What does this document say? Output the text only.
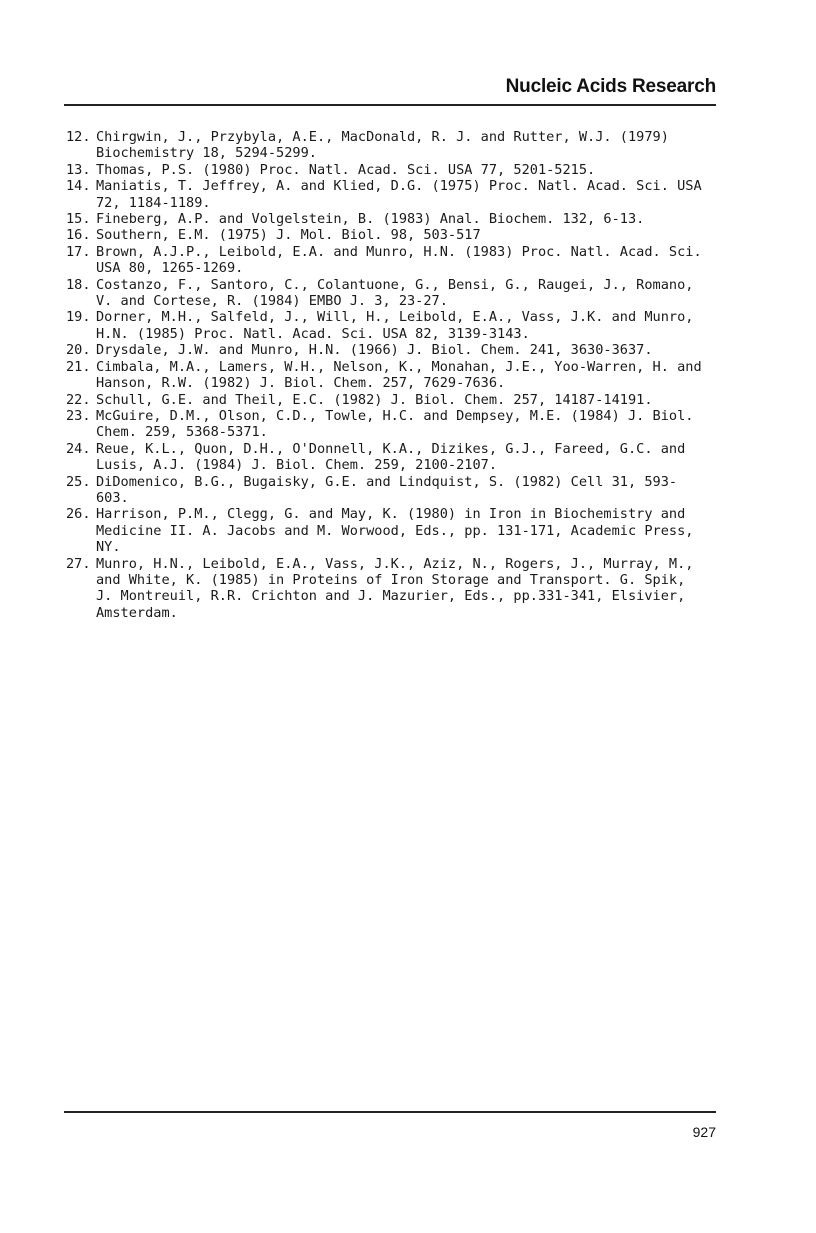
Nucleic Acids Research
12. Chirgwin, J., Przybyla, A.E., MacDonald, R. J. and Rutter, W.J. (1979)
Biochemistry 18, 5294-5299.
13. Thomas, P.S. (1980) Proc. Natl. Acad. Sci. USA 77, 5201-5215.
14. Maniatis, T. Jeffrey, A. and Klied, D.G. (1975) Proc. Natl. Acad. Sci. USA
72, 1184-1189.
15. Fineberg, A.P. and Volgelstein, B. (1983) Anal. Biochem. 132, 6-13.
16. Southern, E.M. (1975) J. Mol. Biol. 98, 503-517
17. Brown, A.J.P., Leibold, E.A. and Munro, H.N. (1983) Proc. Natl. Acad. Sci.
USA 80, 1265-1269.
18. Costanzo, F., Santoro, C., Colantuone, G., Bensi, G., Raugei, J., Romano,
V. and Cortese, R. (1984) EMBO J. 3, 23-27.
19. Dorner, M.H., Salfeld, J., Will, H., Leibold, E.A., Vass, J.K. and Munro,
H.N. (1985) Proc. Natl. Acad. Sci. USA 82, 3139-3143.
20. Drysdale, J.W. and Munro, H.N. (1966) J. Biol. Chem. 241, 3630-3637.
21. Cimbala, M.A., Lamers, W.H., Nelson, K., Monahan, J.E., Yoo-Warren, H. and
Hanson, R.W. (1982) J. Biol. Chem. 257, 7629-7636.
22. Schull, G.E. and Theil, E.C. (1982) J. Biol. Chem. 257, 14187-14191.
23. McGuire, D.M., Olson, C.D., Towle, H.C. and Dempsey, M.E. (1984) J. Biol.
Chem. 259, 5368-5371.
24. Reue, K.L., Quon, D.H., O'Donnell, K.A., Dizikes, G.J., Fareed, G.C. and
Lusis, A.J. (1984) J. Biol. Chem. 259, 2100-2107.
25. DiDomenico, B.G., Bugaisky, G.E. and Lindquist, S. (1982) Cell 31, 593-
603.
26. Harrison, P.M., Clegg, G. and May, K. (1980) in Iron in Biochemistry and
Medicine II. A. Jacobs and M. Worwood, Eds., pp. 131-171, Academic Press,
NY.
27. Munro, H.N., Leibold, E.A., Vass, J.K., Aziz, N., Rogers, J., Murray, M.,
and White, K. (1985) in Proteins of Iron Storage and Transport. G. Spik,
J. Montreuil, R.R. Crichton and J. Mazurier, Eds., pp.331-341, Elsivier,
Amsterdam.
927
